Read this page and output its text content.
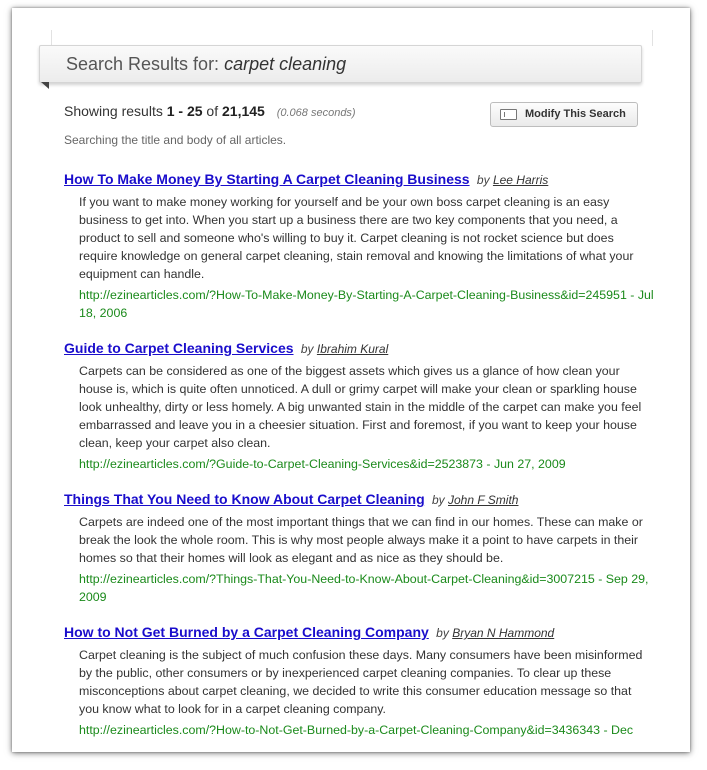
Search Results for: carpet cleaning
Showing results 1 - 25 of 21,145 (0.068 seconds)	Modify This Search
Searching the title and body of all articles.
How To Make Money By Starting A Carpet Cleaning Business by Lee Harris
If you want to make money working for yourself and be your own boss carpet cleaning is an easy business to get into. When you start up a business there are two key components that you need, a product to sell and someone who's willing to buy it. Carpet cleaning is not rocket science but does require knowledge on general carpet cleaning, stain removal and knowing the limitations of what your equipment can handle.
http://ezinearticles.com/?How-To-Make-Money-By-Starting-A-Carpet-Cleaning-Business&id=245951 - Jul 18, 2006
Guide to Carpet Cleaning Services by Ibrahim Kural
Carpets can be considered as one of the biggest assets which gives us a glance of how clean your house is, which is quite often unnoticed. A dull or grimy carpet will make your clean or sparkling house look unhealthy, dirty or less homely. A big unwanted stain in the middle of the carpet can make you feel embarrassed and leave you in a cheesier situation. First and foremost, if you want to keep your house clean, keep your carpet also clean.
http://ezinearticles.com/?Guide-to-Carpet-Cleaning-Services&id=2523873 - Jun 27, 2009
Things That You Need to Know About Carpet Cleaning by John F Smith
Carpets are indeed one of the most important things that we can find in our homes. These can make or break the look the whole room. This is why most people always make it a point to have carpets in their homes so that their homes will look as elegant and as nice as they should be.
http://ezinearticles.com/?Things-That-You-Need-to-Know-About-Carpet-Cleaning&id=3007215 - Sep 29, 2009
How to Not Get Burned by a Carpet Cleaning Company by Bryan N Hammond
Carpet cleaning is the subject of much confusion these days. Many consumers have been misinformed by the public, other consumers or by inexperienced carpet cleaning companies. To clear up these misconceptions about carpet cleaning, we decided to write this consumer education message so that you know what to look for in a carpet cleaning company.
http://ezinearticles.com/?How-to-Not-Get-Burned-by-a-Carpet-Cleaning-Company&id=3436343 - Dec
